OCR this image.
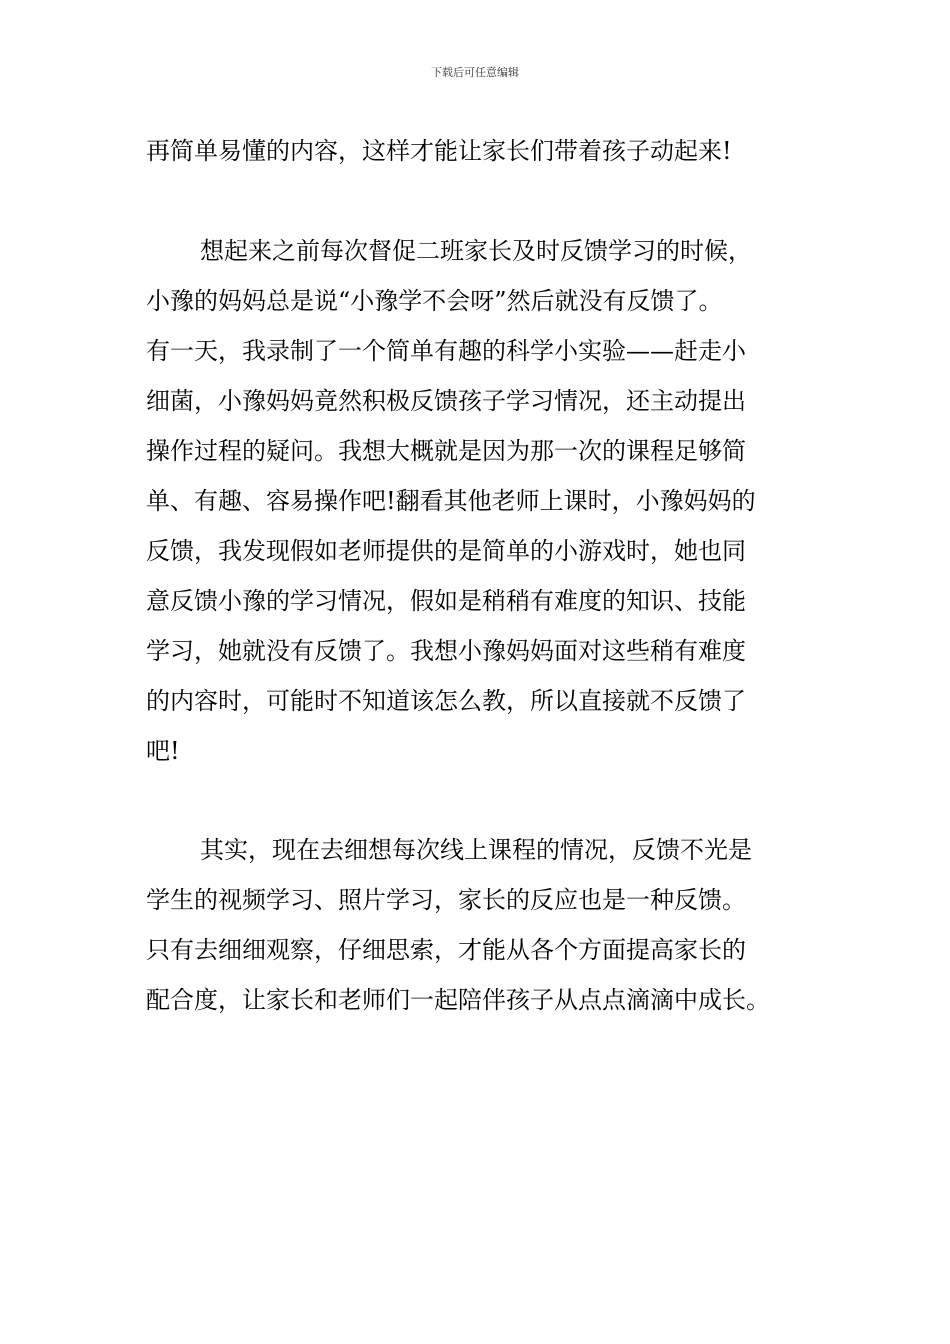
下载后可任意编辑
再简单易懂的内容，这样才能让家长们带着孩子动起来!
想起来之前每次督促二班家长及时反馈学习的时候，
小豫的妈妈总是说“小豫学不会呀”然后就没有反馈了。
有一天，我录制了一个简单有趣的科学小实验——赶走小
细菌，小豫妈妈竟然积极反馈孩子学习情况，还主动提出
操作过程的疑问。我想大概就是因为那一次的课程足够简
单、有趣、容易操作吧!翻看其他老师上课时，小豫妈妈的
反馈，我发现假如老师提供的是简单的小游戏时，她也同
意反馈小豫的学习情况，假如是稍稍有难度的知识、技能
学习，她就没有反馈了。我想小豫妈妈面对这些稍有难度
的内容时，可能时不知道该怎么教，所以直接就不反馈了
吧!
其实，现在去细想每次线上课程的情况，反馈不光是
学生的视频学习、照片学习，家长的反应也是一种反馈。
只有去细细观察，仔细思索，才能从各个方面提高家长的
配合度，让家长和老师们一起陪伴孩子从点点滴滴中成长。
